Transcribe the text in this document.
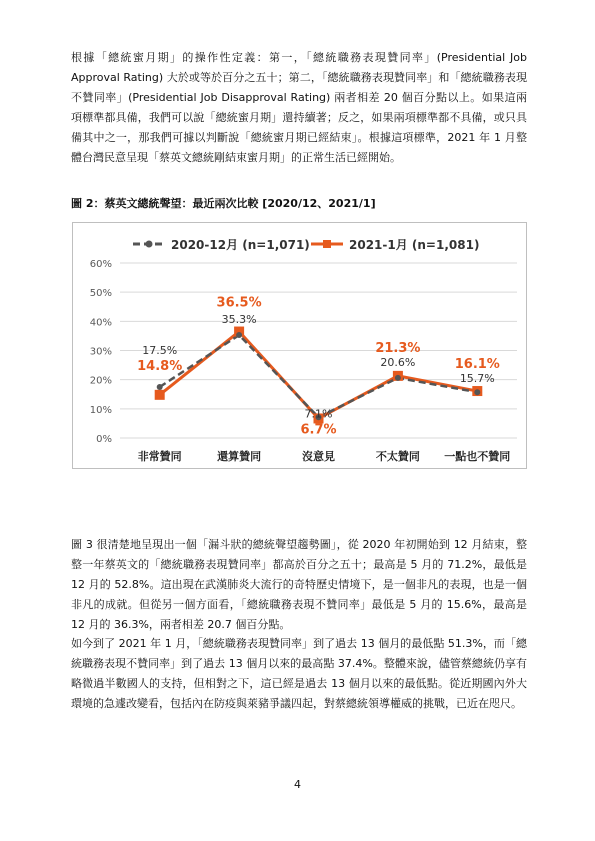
根據「總統蜜月期」的操作性定義：第一，「總統職務表現贊同率」(Presidential Job Approval Rating) 大於或等於百分之五十；第二，「總統職務表現贊同率」和「總統職務表現不贊同率」(Presidential Job Disapproval Rating) 兩者相差 20 個百分點以上。如果這兩項標準都具備，我們可以說「總統蜜月期」還持續著；反之，如果兩項標準都不具備，或只具備其中之一，那我們可據以判斷說「總統蜜月期已經結束」。根據這項標準，2021 年 1 月整體台灣民意呈現「蔡英文總統剛結束蜜月期」的正常生活已經開始。

圖 2：蔡英文總統聲望：最近兩次比較 [2020/12、2021/1]

0%
10%
20%
30%
40%
50%
60%
非常贊同	還算贊同	沒意見	不太贊同 一點也不贊同
2020-12月 (n=1,071)	2021-1月 (n=1,081)
17.5%
35.3%
7.1%
20.6%
15.7%
14.8%
36.5%
6.7%
21.3%
16.1%

圖 3 很清楚地呈現出一個「漏斗狀的總統聲望趨勢圖」，從 2020 年初開始到 12 月結束，整整一年蔡英文的「總統職務表現贊同率」都高於百分之五十；最高是 5 月的 71.2%，最低是 12 月的 52.8%。這出現在武漢肺炎大流行的奇特歷史情境下，是一個非凡的表現，也是一個非凡的成就。但從另一個方面看，「總統職務表現不贊同率」最低是 5 月的 15.6%，最高是 12 月的 36.3%，兩者相差 20.7 個百分點。

如今到了 2021 年 1 月，「總統職務表現贊同率」到了過去 13 個月的最低點 51.3%，而「總統職務表現不贊同率」到了過去 13 個月以來的最高點 37.4%。整體來說，儘管蔡總統仍享有略微過半數國人的支持，但相對之下，這已經是過去 13 個月以來的最低點。從近期國內外大環境的急遽改變看，包括內在防疫與萊豬爭議四起，對蔡總統領導權威的挑戰，已近在咫尺。

4
